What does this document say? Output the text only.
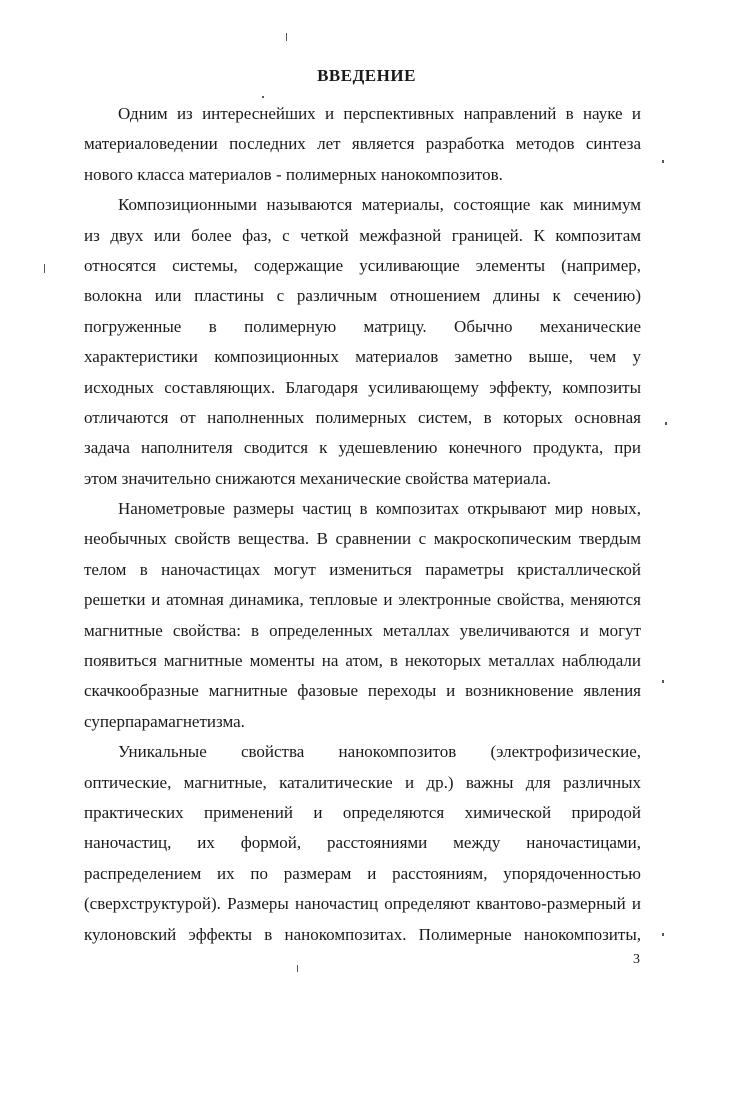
ВВЕДЕНИЕ

Одним из интереснейших и перспективных направлений в науке и
материаловедении последних лет является разработка методов синтеза
нового класса материалов - полимерных нанокомпозитов.

Композиционными называются материалы, состоящие как минимум
из двух или более фаз, с четкой межфазной границей. К композитам
относятся системы, содержащие усиливающие элементы (например,
волокна или пластины с различным отношением длины к сечению)
погруженные в полимерную матрицу. Обычно механические
характеристики композиционных материалов заметно выше, чем у
исходных составляющих. Благодаря усиливающему эффекту, композиты
отличаются от наполненных полимерных систем, в которых основная
задача наполнителя сводится к удешевлению конечного продукта, при
этом значительно снижаются механические свойства материала.

Нанометровые размеры частиц в композитах открывают мир новых,
необычных свойств вещества. В сравнении с макроскопическим твердым
телом в наночастицах могут измениться параметры кристаллической
решетки и атомная динамика, тепловые и электронные свойства, меняются
магнитные свойства: в определенных металлах увеличиваются и могут
появиться магнитные моменты на атом, в некоторых металлах наблюдали
скачкообразные магнитные фазовые переходы и возникновение явления
суперпарамагнетизма.

Уникальные свойства нанокомпозитов (электрофизические,
оптические, магнитные, каталитические и др.) важны для различных
практических применений и определяются химической природой
наночастиц, их формой, расстояниями между наночастицами,
распределением их по размерам и расстояниям, упорядоченностью
(сверхструктурой). Размеры наночастиц определяют квантово-размерный и
кулоновский эффекты в нанокомпозитах. Полимерные нанокомпозиты,

3
